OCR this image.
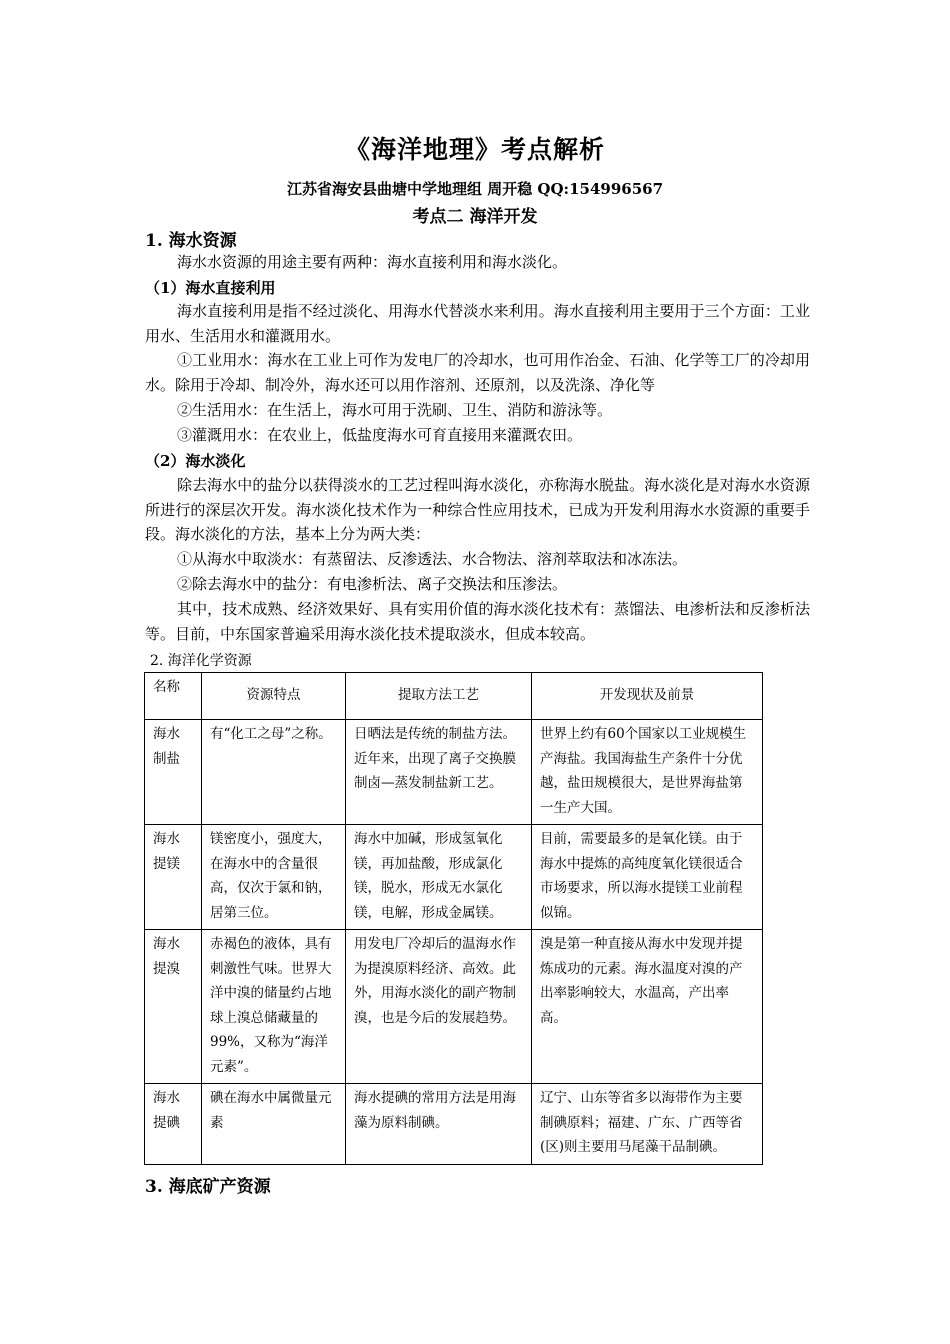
《海洋地理》考点解析
江苏省海安县曲塘中学地理组 周开稳 QQ:154996567
考点二 海洋开发
1. 海水资源

海水水资源的用途主要有两种：海水直接利用和海水淡化。

（1）海水直接利用

海水直接利用是指不经过淡化、用海水代替淡水来利用。海水直接利用主要用于三个方面：工业用水、生活用水和灌溉用水。

①工业用水：海水在工业上可作为发电厂的冷却水，也可用作冶金、石油、化学等工厂的冷却用水。除用于冷却、制冷外，海水还可以用作溶剂、还原剂，以及洗涤、净化等

②生活用水：在生活上，海水可用于洗刷、卫生、消防和游泳等。

③灌溉用水：在农业上，低盐度海水可育直接用来灌溉农田。

（2）海水淡化

除去海水中的盐分以获得淡水的工艺过程叫海水淡化，亦称海水脱盐。海水淡化是对海水水资源所进行的深层次开发。海水淡化技术作为一种综合性应用技术，已成为开发利用海水水资源的重要手段。海水淡化的方法，基本上分为两大类：

①从海水中取淡水：有蒸留法、反渗透法、水合物法、溶剂萃取法和冰冻法。

②除去海水中的盐分：有电渗析法、离子交换法和压渗法。

其中，技术成熟、经济效果好、具有实用价值的海水淡化技术有：蒸馏法、电渗析法和反渗析法等。目前，中东国家普遍采用海水淡化技术提取淡水，但成本较高。

2. 海洋化学资源
名称	资源特点	提取方法工艺	开发现状及前景
海水制盐	有“化工之母”之称。	日晒法是传统的制盐方法。近年来，出现了离子交换膜制卤—蒸发制盐新工艺。	世界上约有60个国家以工业规模生产海盐。我国海盐生产条件十分优越，盐田规模很大，是世界海盐第一生产大国。
海水提镁	镁密度小，强度大，在海水中的含量很高，仅次于氯和钠，居第三位。	海水中加碱，形成氢氧化镁，再加盐酸，形成氯化镁，脱水，形成无水氯化镁，电解，形成金属镁。	目前，需要最多的是氧化镁。由于海水中提炼的高纯度氧化镁很适合市场要求，所以海水提镁工业前程似锦。
海水提溴	赤褐色的液体，具有刺激性气味。世界大洋中溴的储量约占地球上溴总储藏量的99%，又称为“海洋元素”。	用发电厂冷却后的温海水作为提溴原料经济、高效。此外，用海水淡化的副产物制溴，也是今后的发展趋势。	溴是第一种直接从海水中发现并提炼成功的元素。海水温度对溴的产出率影响较大，水温高，产出率高。
海水提碘	碘在海水中属微量元素	海水提碘的常用方法是用海藻为原料制碘。	辽宁、山东等省多以海带作为主要制碘原料；福建、广东、广西等省(区)则主要用马尾藻干品制碘。
3. 海底矿产资源
